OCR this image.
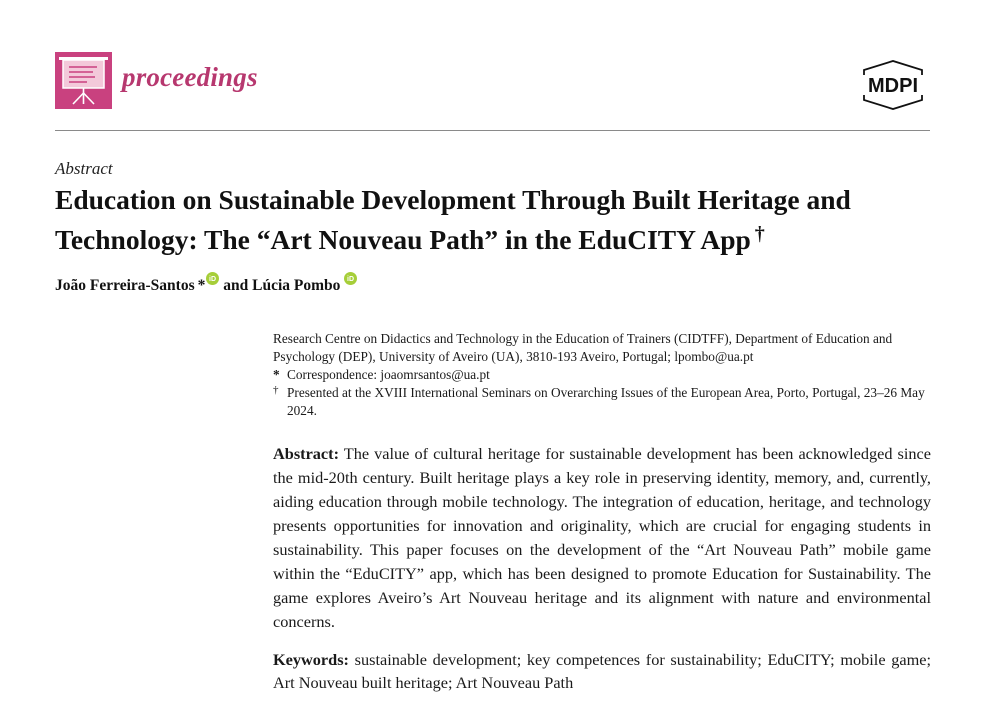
proceedings	MDPI
Abstract
Education on Sustainable Development Through Built Heritage and Technology: The “Art Nouveau Path” in the EduCITY App †
João Ferreira-Santos * iD and Lúcia Pombo iD

Research Centre on Didactics and Technology in the Education of Trainers (CIDTFF), Department of Education and Psychology (DEP), University of Aveiro (UA), 3810-193 Aveiro, Portugal; lpombo@ua.pt

* Correspondence: joaomrsantos@ua.pt

† Presented at the XVIII International Seminars on Overarching Issues of the European Area, Porto, Portugal, 23–26 May 2024.

Abstract: The value of cultural heritage for sustainable development has been acknowledged since the mid-20th century. Built heritage plays a key role in preserving identity, memory, and, currently, aiding education through mobile technology. The integration of education, heritage, and technology presents opportunities for innovation and originality, which are crucial for engaging students in sustainability. This paper focuses on the development of the “Art Nouveau Path” mobile game within the “EduCITY” app, which has been designed to promote Education for Sustainability. The game explores Aveiro’s Art Nouveau heritage and its alignment with nature and environmental concerns.

Keywords: sustainable development; key competences for sustainability; EduCITY; mobile game; Art Nouveau built heritage; Art Nouveau Path
